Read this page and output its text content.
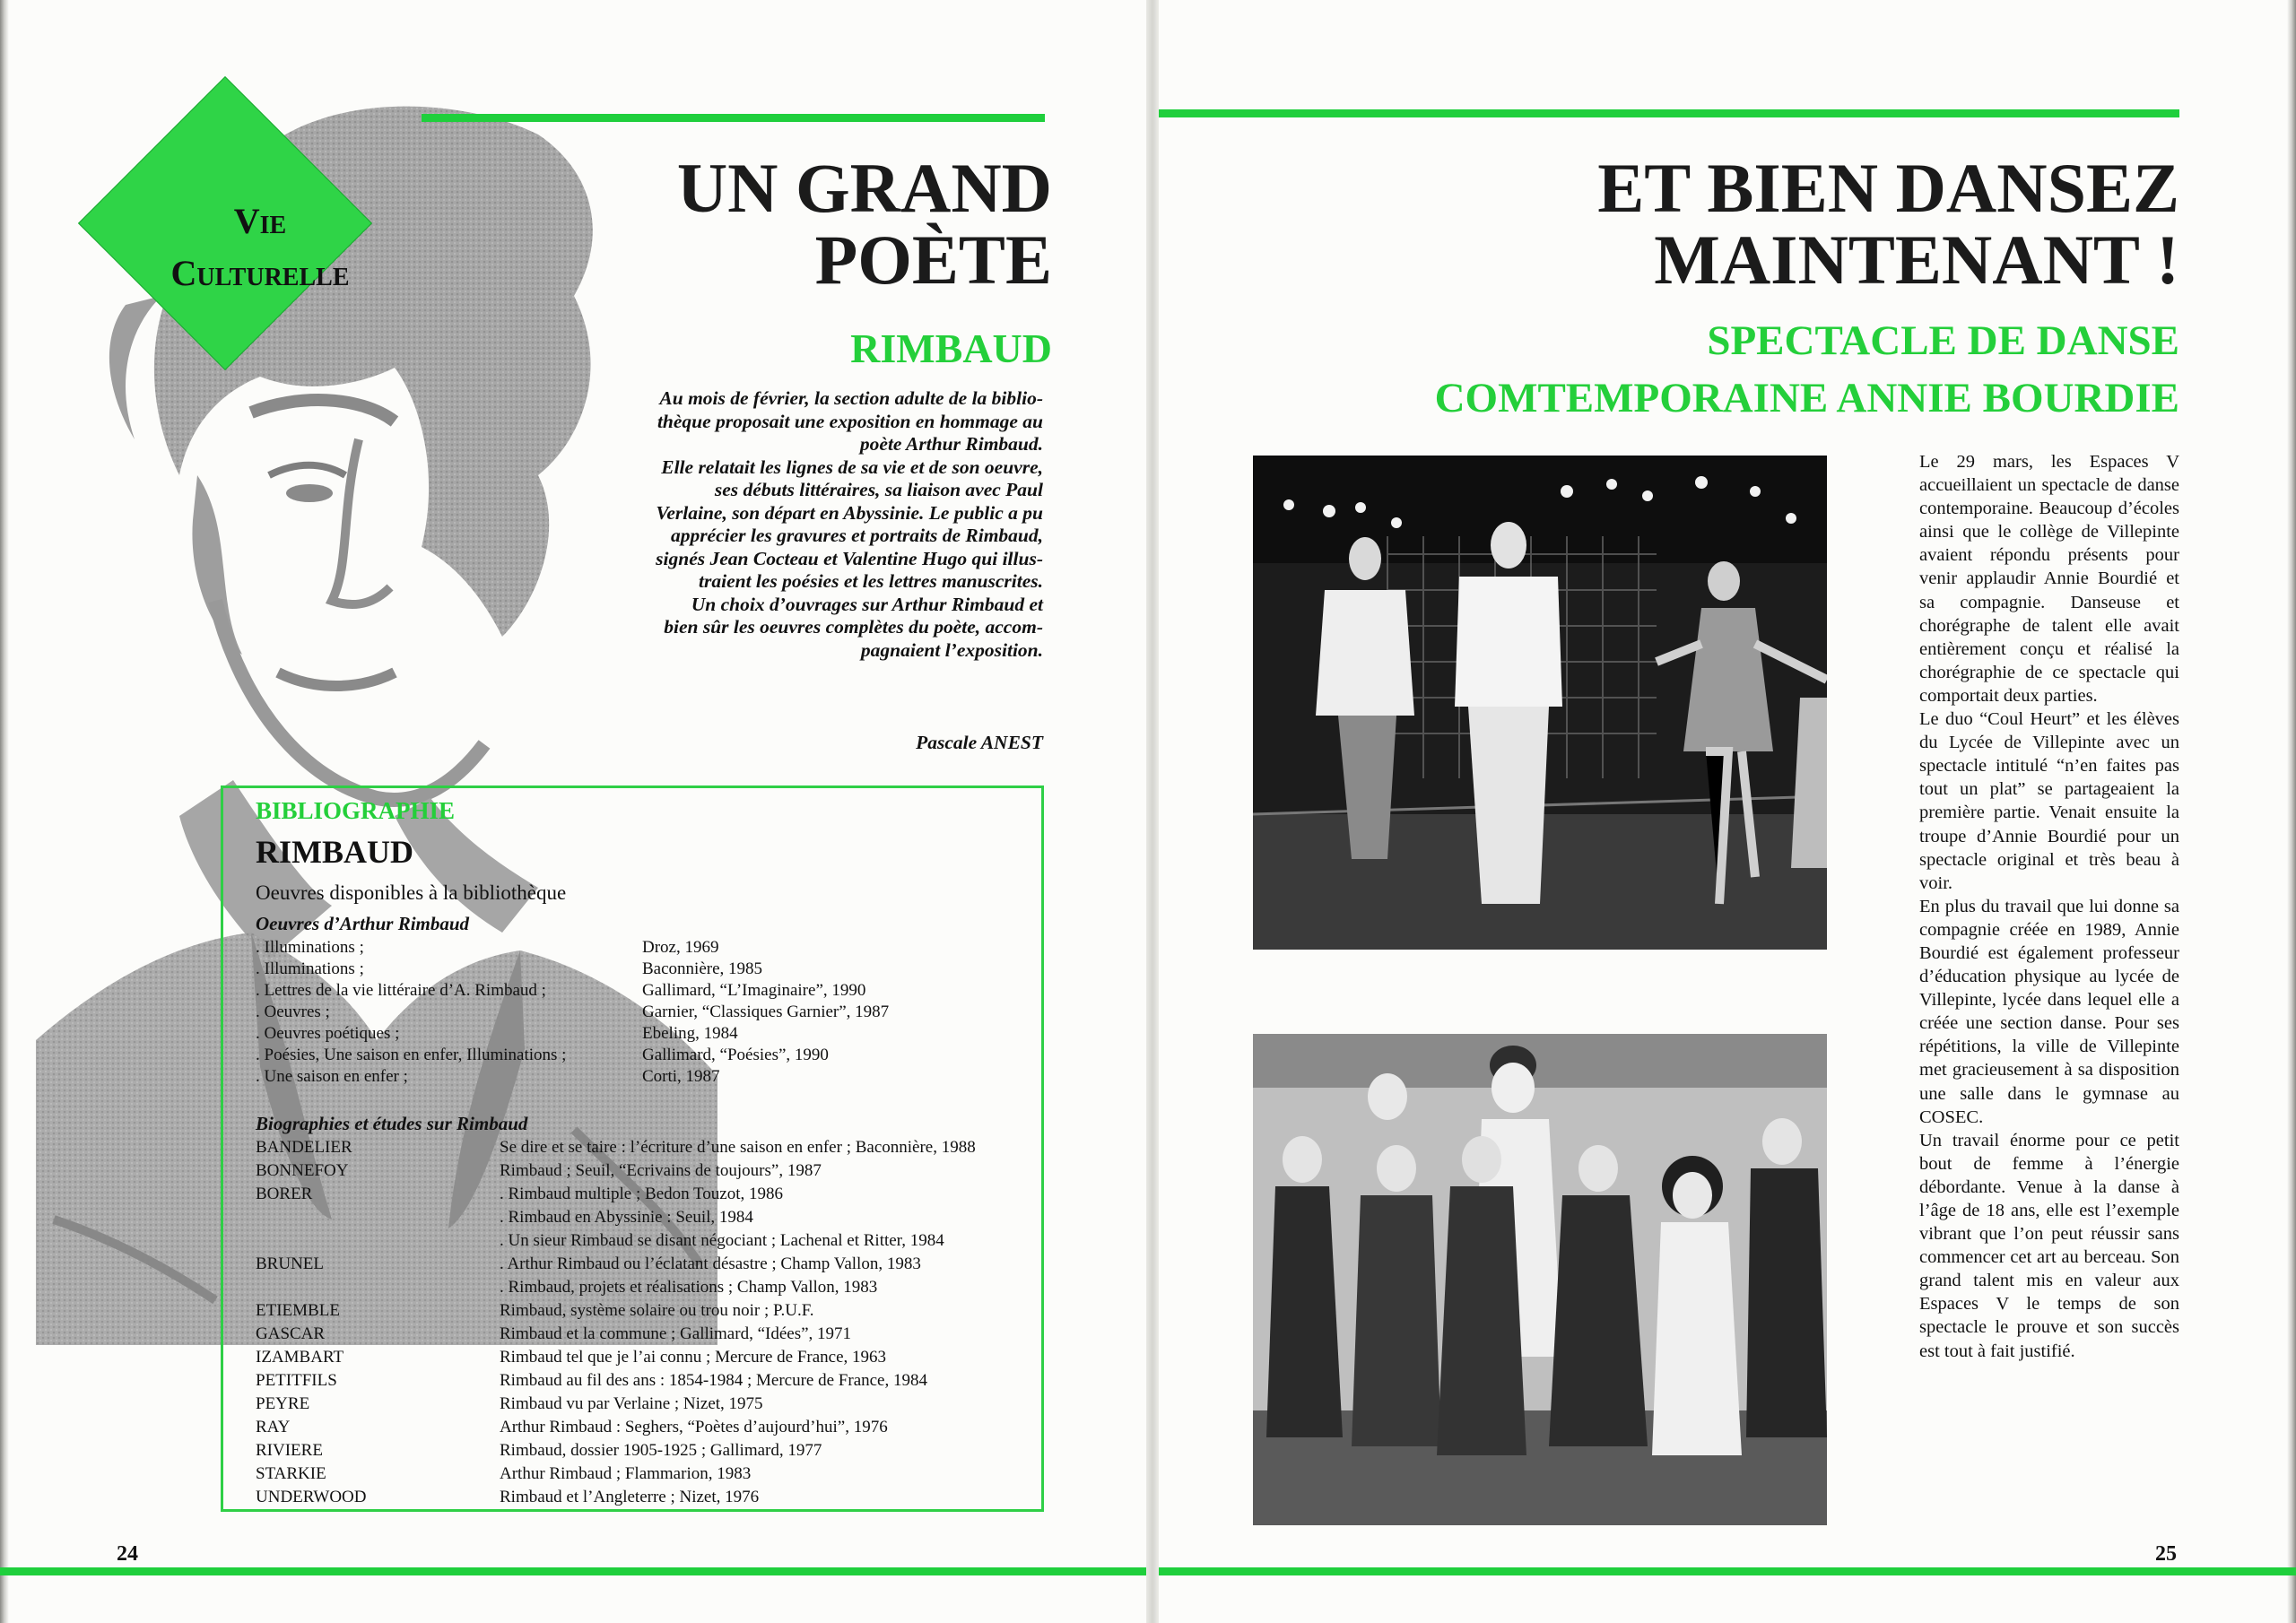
Vie
Culturelle
UN GRAND
POÈTE
RIMBAUD
Au mois de février, la section adulte de la biblio-
thèque proposait une exposition en hommage au
poète Arthur Rimbaud.
Elle relatait les lignes de sa vie et de son oeuvre,
ses débuts littéraires, sa liaison avec Paul
Verlaine, son départ en Abyssinie. Le public a pu
apprécier les gravures et portraits de Rimbaud,
signés Jean Cocteau et Valentine Hugo qui illus-
traient les poésies et les lettres manuscrites.
Un choix d’ouvrages sur Arthur Rimbaud et
bien sûr les oeuvres complètes du poète, accom-
pagnaient l’exposition.
Pascale ANEST
BIBLIOGRAPHIE
RIMBAUD
Oeuvres disponibles à la bibliothèque
Oeuvres d’Arthur Rimbaud
. Illuminations ;	Droz, 1969
. Illuminations ;	Baconnière, 1985
. Lettres de la vie littéraire d’A. Rimbaud ;	Gallimard, “L’Imaginaire”, 1990
. Oeuvres ;	Garnier, “Classiques Garnier”, 1987
. Oeuvres poétiques ;	Ebeling, 1984
. Poésies, Une saison en enfer, Illuminations ;	Gallimard, “Poésies”, 1990
. Une saison en enfer ;	Corti, 1987
Biographies et études sur Rimbaud
BANDELIER	Se dire et se taire : l’écriture d’une saison en enfer ; Baconnière, 1988
BONNEFOY	Rimbaud ; Seuil, “Ecrivains de toujours”, 1987
BORER	. Rimbaud multiple ; Bedon Touzot, 1986
. Rimbaud en Abyssinie : Seuil, 1984
. Un sieur Rimbaud se disant négociant ; Lachenal et Ritter, 1984
BRUNEL	. Arthur Rimbaud ou l’éclatant désastre ; Champ Vallon, 1983
. Rimbaud, projets et réalisations ; Champ Vallon, 1983
ETIEMBLE	Rimbaud, système solaire ou trou noir ; P.U.F.
GASCAR	Rimbaud et la commune ; Gallimard, “Idées”, 1971
IZAMBART	Rimbaud tel que je l’ai connu ; Mercure de France, 1963
PETITFILS	Rimbaud au fil des ans : 1854-1984 ; Mercure de France, 1984
PEYRE	Rimbaud vu par Verlaine ; Nizet, 1975
RAY	Arthur Rimbaud : Seghers, “Poètes d’aujourd’hui”, 1976
RIVIERE	Rimbaud, dossier 1905-1925 ; Gallimard, 1977
STARKIE	Arthur Rimbaud ; Flammarion, 1983
UNDERWOOD	Rimbaud et l’Angleterre ; Nizet, 1976
24
ET BIEN DANSEZ
MAINTENANT !
SPECTACLE DE DANSE
COMTEMPORAINE ANNIE BOURDIE
25

Le 29 mars, les Espaces V accueillaient un spectacle de danse contemporaine. Beaucoup d’écoles ainsi que le collège de Villepinte avaient répondu présents pour venir applaudir Annie Bourdié et sa compagnie. Danseuse et chorégraphe de talent elle avait entièrement conçu et réalisé la chorégraphie de ce spectacle qui comportait deux parties.

Le duo “Coul Heurt” et les élèves du Lycée de Villepinte avec un spectacle intitulé “n’en faites pas tout un plat” se partageaient la première partie. Venait ensuite la troupe d’Annie Bourdié pour un spectacle original et très beau à voir.

En plus du travail que lui donne sa compagnie créée en 1989, Annie Bourdié est également professeur d’éducation physique au lycée de Villepinte, lycée dans lequel elle a créée une section danse. Pour ses répétitions, la ville de Villepinte met gracieusement à sa disposition une salle dans le gymnase au COSEC.

Un travail énorme pour ce petit bout de femme à l’énergie débordante. Venue à la danse à l’âge de 18 ans, elle est l’exemple vibrant que l’on peut réussir sans commencer cet art au berceau. Son grand talent mis en valeur aux Espaces V le temps de son spectacle le prouve et son succès est tout à fait justifié.
